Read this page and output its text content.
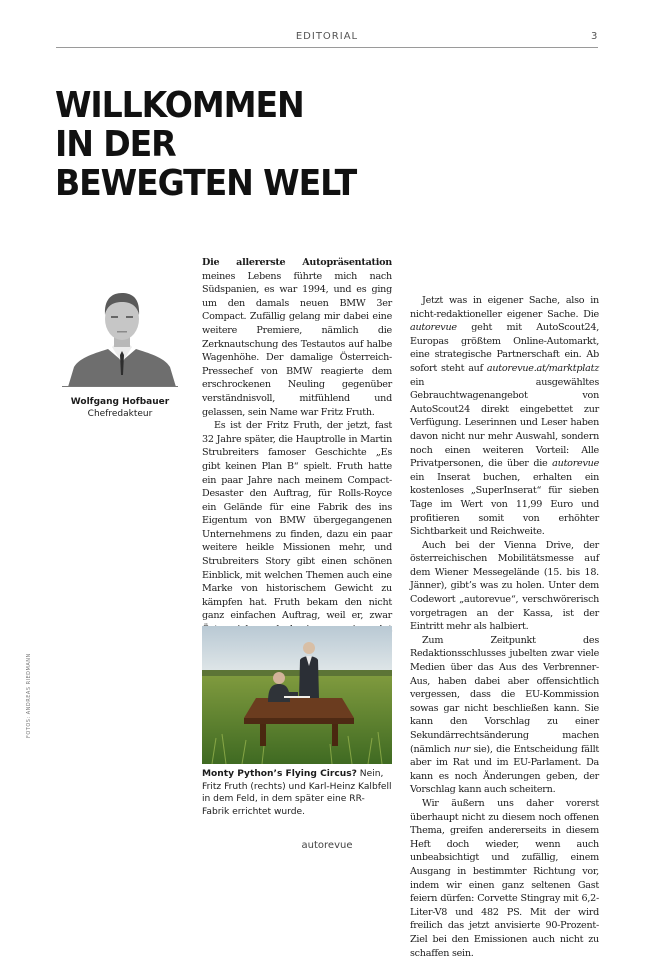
EDITORIAL	3
WILLKOMMEN
IN DER
BEWEGTEN WELT
Wolfgang Hofbauer
Chefredakteur

Die allererste Autopräsentation meines Lebens führte mich nach Südspanien, es war 1994, und es ging um den damals neuen BMW 3er Compact. Zufällig gelang mir dabei eine weitere Premiere, nämlich die Zerknautschung des Testautos auf halbe Wagenhöhe. Der damalige Österreich-Pressechef von BMW reagierte dem erschrockenen Neuling gegenüber verständnisvoll, mitfühlend und gelassen, sein Name war Fritz Fruth.

Es ist der Fritz Fruth, der jetzt, fast 32 Jahre später, die Hauptrolle in Martin Strubreiters famoser Geschichte „Es gibt keinen Plan B“ spielt. Fruth hatte ein paar Jahre nach meinem Compact-Desaster den Auftrag, für Rolls-Royce ein Gelände für eine Fabrik des ins Eigentum von BMW übergegangenen Unternehmens zu finden, dazu ein paar weitere heikle Missionen mehr, und Strubreiters Story gibt einen schönen Einblick, mit welchen Themen auch eine Marke von historischem Gewicht zu kämpfen hat. Fruth bekam den nicht ganz einfachen Auftrag, weil er, zwar

Monty Python’s Flying Circus? Nein, Fritz Fruth (rechts) und Karl-Heinz Kalbfell in dem Feld, in dem später eine RR-Fabrik errichtet wurde.

Jetzt was in eigener Sache, also in nicht-redaktioneller eigener Sache. Die autorevue geht mit AutoScout24, Europas größtem Online-Automarkt, eine strategische Partnerschaft ein. Ab sofort steht auf autorevue.at/marktplatz ein ausgewähltes Gebrauchtwagenangebot von AutoScout24 direkt eingebettet zur Verfügung. Leserinnen und Leser haben davon nicht nur mehr Auswahl, sondern noch einen weiteren Vorteil: Alle Privatpersonen, die über die autorevue ein Inserat buchen, erhalten ein kostenloses „SuperInserat“ für sieben Tage im Wert von 11,99 Euro und profitieren somit von erhöhter Sichtbarkeit und Reichweite.

Auch bei der Vienna Drive, der österreichischen Mobilitätsmesse auf dem Wiener Messegelände (15. bis 18. Jänner), gibt’s was zu holen. Unter dem Codewort „autorevue“, verschwörerisch vorgetragen an der Kassa, ist der Eintritt mehr als halbiert.

Zum Zeitpunkt des Redaktionsschlusses jubelten zwar viele Medien über das Aus des Verbrenner-Aus, haben dabei aber offensichtlich vergessen, dass die EU-Kommission sowas gar nicht beschließen kann. Sie kann den Vorschlag zu einer Sekundärrechtsänderung machen (nämlich nur sie), die Entscheidung fällt aber im Rat und im EU-Parlament. Da kann es noch Änderungen geben, der Vorschlag kann auch scheitern.

Wir äußern uns daher vorerst überhaupt nicht zu diesem noch offenen Thema, greifen andererseits in diesem Heft doch wieder, wenn auch unbeabsichtigt und zufällig, einem Ausgang in bestimmter Richtung vor, indem wir einen ganz seltenen Gast feiern dürfen: Corvette Stingray mit 6,2-Liter-V8 und 482 PS. Mit der wird freilich das jetzt anvisierte 90-Prozent-Ziel bei den Emissionen auch nicht zu schaffen sein.

FOTOS: ANDREAS RIEDMANN
autorevue
